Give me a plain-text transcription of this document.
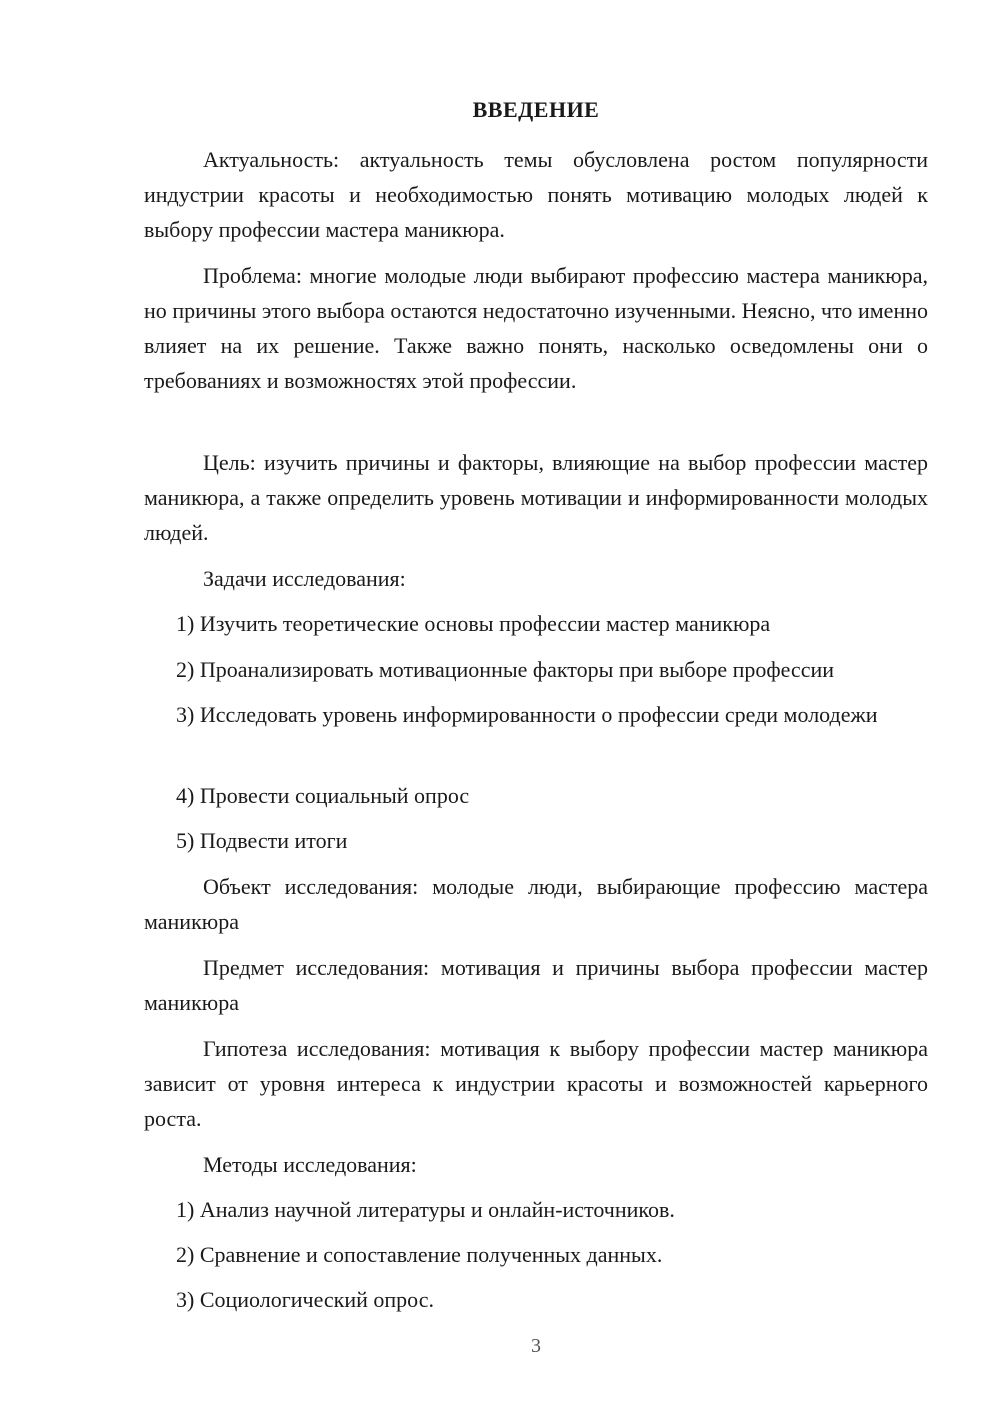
ВВЕДЕНИЕ
Актуальность: актуальность темы обусловлена ростом популярности индустрии красоты и необходимостью понять мотивацию молодых людей к выбору профессии мастера маникюра.
Проблема: многие молодые люди выбирают профессию мастера маникюра, но причины этого выбора остаются недостаточно изученными. Неясно, что именно влияет на их решение. Также важно понять, насколько осведомлены они о требованиях и возможностях этой профессии.
Цель: изучить причины и факторы, влияющие на выбор профессии мастер маникюра, а также определить уровень мотивации и информированности молодых людей.
Задачи исследования:
1) Изучить теоретические основы профессии мастер маникюра
2) Проанализировать мотивационные факторы при выборе профессии
3) Исследовать уровень информированности о профессии среди молодежи
4) Провести социальный опрос
5) Подвести итоги
Объект исследования: молодые люди, выбирающие профессию мастера маникюра
Предмет исследования: мотивация и причины выбора профессии мастер маникюра
Гипотеза исследования: мотивация к выбору профессии мастер маникюра зависит от уровня интереса к индустрии красоты и возможностей карьерного роста.
Методы исследования:
1) Анализ научной литературы и онлайн-источников.
2) Сравнение и сопоставление полученных данных.
3) Социологический опрос.
3
